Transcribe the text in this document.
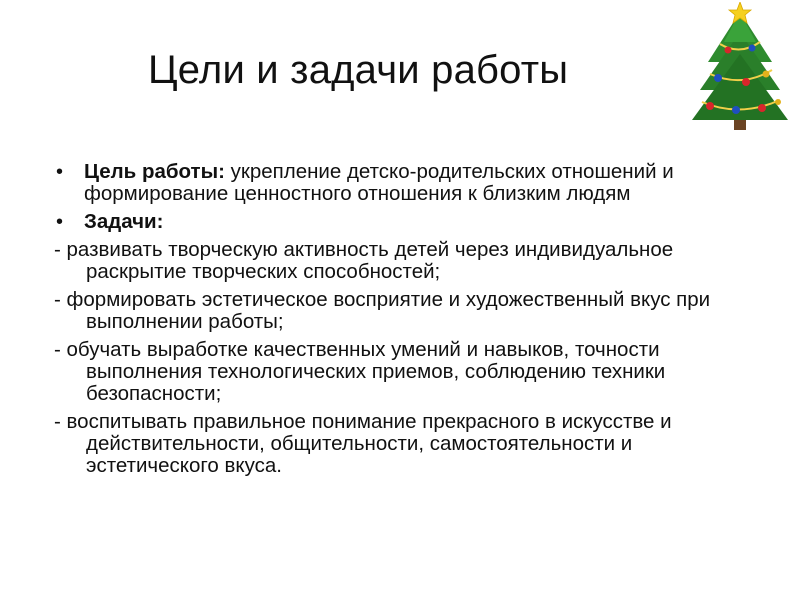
Цели и задачи работы
• Цель работы: укрепление детско-родительских отношений и формирование ценностного отношения к близким людям
• Задачи:
- развивать творческую активность детей через индивидуальное раскрытие творческих способностей;
- формировать эстетическое восприятие и художественный вкус при выполнении работы;
- обучать выработке качественных умений и навыков, точности выполнения технологических приемов, соблюдению техники безопасности;
- воспитывать правильное понимание прекрасного в искусстве и действительности, общительности, самостоятельности и эстетического вкуса.
